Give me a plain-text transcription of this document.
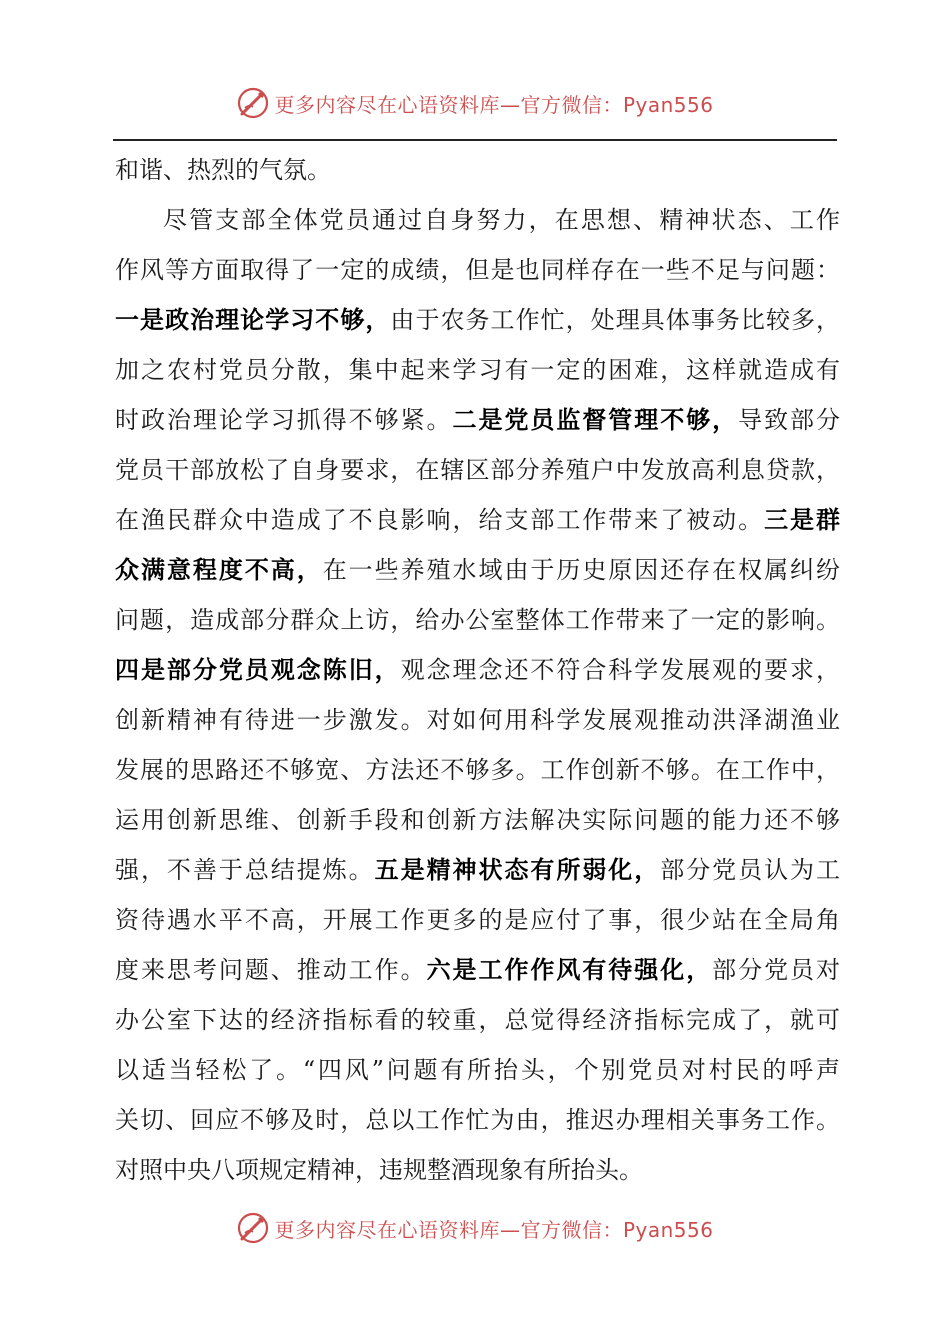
更多内容尽在心语资料库—官方微信：Pyan556
和谐、热烈的气氛。
尽管支部全体党员通过自身努力，在思想、精神状态、工作
作风等方面取得了一定的成绩，但是也同样存在一些不足与问题：
一是政治理论学习不够，由于农务工作忙，处理具体事务比较多，
加之农村党员分散，集中起来学习有一定的困难，这样就造成有
时政治理论学习抓得不够紧。二是党员监督管理不够，导致部分
党员干部放松了自身要求，在辖区部分养殖户中发放高利息贷款，
在渔民群众中造成了不良影响，给支部工作带来了被动。三是群
众满意程度不高，在一些养殖水域由于历史原因还存在权属纠纷
问题，造成部分群众上访，给办公室整体工作带来了一定的影响。
四是部分党员观念陈旧，观念理念还不符合科学发展观的要求，
创新精神有待进一步激发。对如何用科学发展观推动洪泽湖渔业
发展的思路还不够宽、方法还不够多。工作创新不够。在工作中，
运用创新思维、创新手段和创新方法解决实际问题的能力还不够
强，不善于总结提炼。五是精神状态有所弱化，部分党员认为工
资待遇水平不高，开展工作更多的是应付了事，很少站在全局角
度来思考问题、推动工作。六是工作作风有待强化，部分党员对
办公室下达的经济指标看的较重，总觉得经济指标完成了，就可
以适当轻松了。“四风”问题有所抬头，个别党员对村民的呼声
关切、回应不够及时，总以工作忙为由，推迟办理相关事务工作。
对照中央八项规定精神，违规整酒现象有所抬头。
更多内容尽在心语资料库—官方微信：Pyan556
